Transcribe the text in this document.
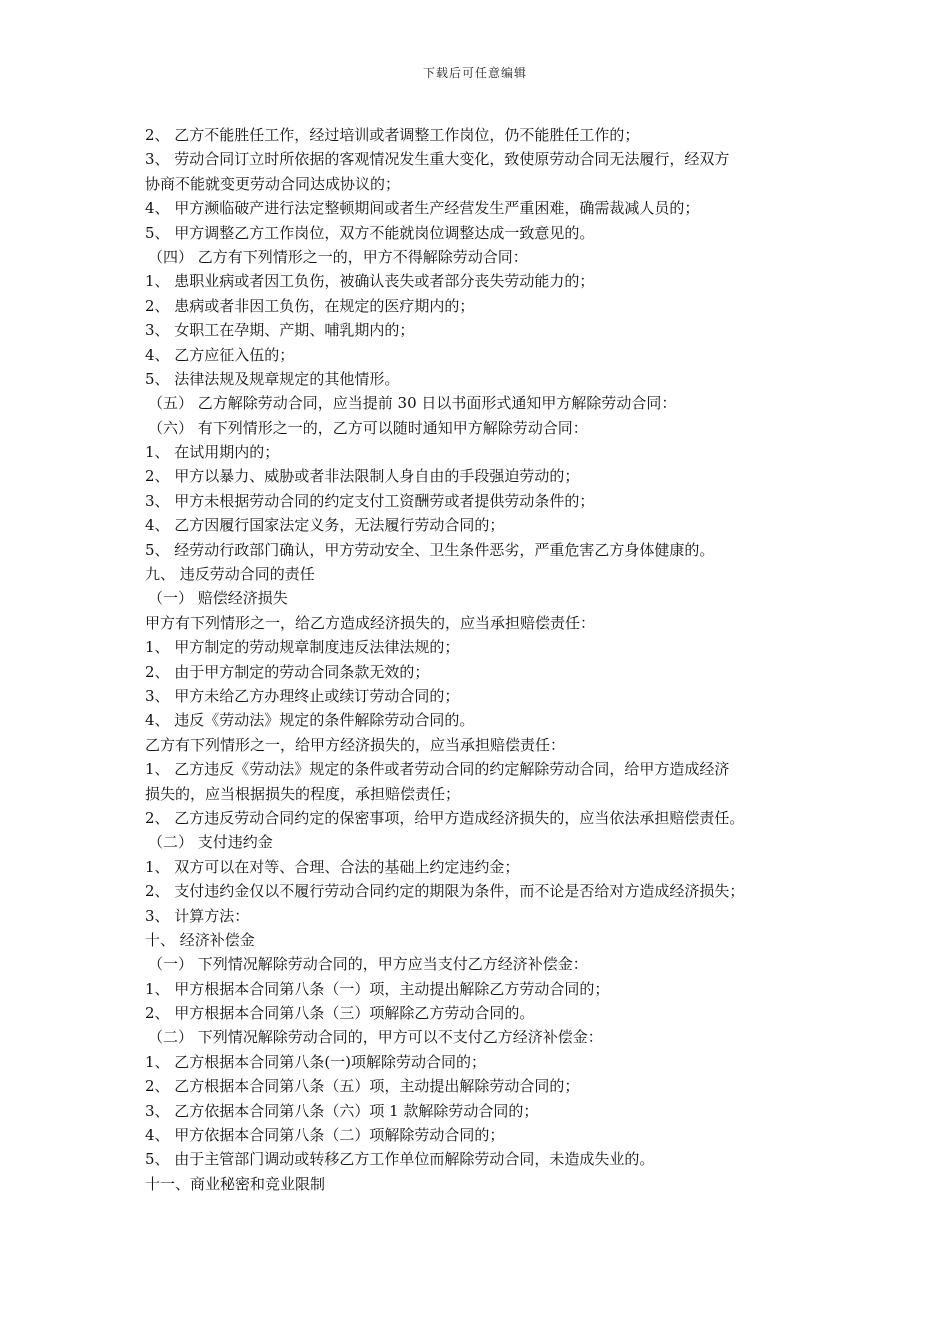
下载后可任意编辑
2、 乙方不能胜任工作，经过培训或者调整工作岗位，仍不能胜任工作的；
3、 劳动合同订立时所依据的客观情况发生重大变化，致使原劳动合同无法履行，经双方
协商不能就变更劳动合同达成协议的；
4、 甲方濒临破产进行法定整顿期间或者生产经营发生严重困难，确需裁减人员的；
5、 甲方调整乙方工作岗位，双方不能就岗位调整达成一致意见的。
（四） 乙方有下列情形之一的，甲方不得解除劳动合同：
1、 患职业病或者因工负伤，被确认丧失或者部分丧失劳动能力的；
2、 患病或者非因工负伤，在规定的医疗期内的；
3、 女职工在孕期、产期、哺乳期内的；
4、 乙方应征入伍的；
5、 法律法规及规章规定的其他情形。
（五） 乙方解除劳动合同，应当提前 30 日以书面形式通知甲方解除劳动合同：
（六） 有下列情形之一的，乙方可以随时通知甲方解除劳动合同：
1、 在试用期内的；
2、 甲方以暴力、威胁或者非法限制人身自由的手段强迫劳动的；
3、 甲方未根据劳动合同的约定支付工资酬劳或者提供劳动条件的；
4、 乙方因履行国家法定义务，无法履行劳动合同的；
5、 经劳动行政部门确认，甲方劳动安全、卫生条件恶劣，严重危害乙方身体健康的。
九、 违反劳动合同的责任
（一） 赔偿经济损失
甲方有下列情形之一，给乙方造成经济损失的，应当承担赔偿责任：
1、 甲方制定的劳动规章制度违反法律法规的；
2、 由于甲方制定的劳动合同条款无效的；
3、 甲方未给乙方办理终止或续订劳动合同的；
4、 违反《劳动法》规定的条件解除劳动合同的。
乙方有下列情形之一，给甲方经济损失的，应当承担赔偿责任：
1、 乙方违反《劳动法》规定的条件或者劳动合同的约定解除劳动合同，给甲方造成经济
损失的，应当根据损失的程度，承担赔偿责任；
2、 乙方违反劳动合同约定的保密事项，给甲方造成经济损失的，应当依法承担赔偿责任。
（二） 支付违约金
1、 双方可以在对等、合理、合法的基础上约定违约金；
2、 支付违约金仅以不履行劳动合同约定的期限为条件，而不论是否给对方造成经济损失；
3、 计算方法：
十、 经济补偿金
（一） 下列情况解除劳动合同的，甲方应当支付乙方经济补偿金：
1、 甲方根据本合同第八条（一）项，主动提出解除乙方劳动合同的；
2、 甲方根据本合同第八条（三）项解除乙方劳动合同的。
（二） 下列情况解除劳动合同的，甲方可以不支付乙方经济补偿金：
1、 乙方根据本合同第八条(一)项解除劳动合同的；
2、 乙方根据本合同第八条（五）项，主动提出解除劳动合同的；
3、 乙方依据本合同第八条（六）项 1 款解除劳动合同的；
4、 甲方依据本合同第八条（二）项解除劳动合同的；
5、 由于主管部门调动或转移乙方工作单位而解除劳动合同，未造成失业的。
十一、商业秘密和竞业限制
